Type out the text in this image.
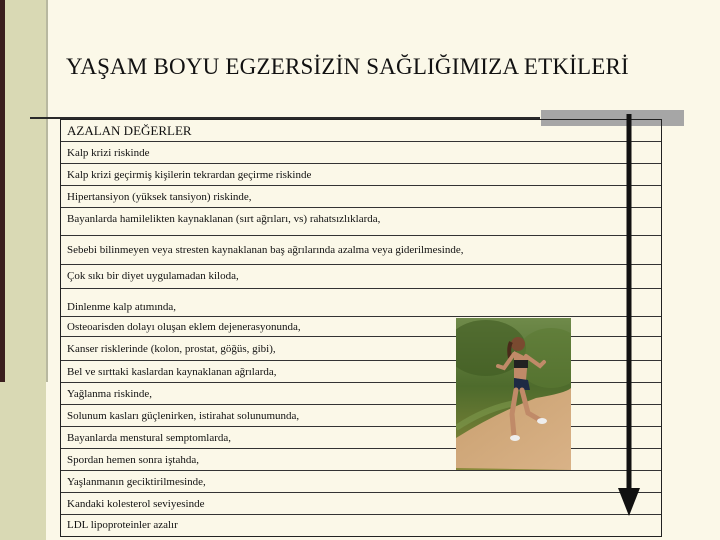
YAŞAM BOYU EGZERSİZİN SAĞLIĞIMIZA ETKİLERİ
AZALAN DEĞERLER
Kalp krizi riskinde
Kalp krizi geçirmiş kişilerin tekrardan geçirme riskinde
Hipertansiyon (yüksek tansiyon) riskinde,
Bayanlarda hamilelikten kaynaklanan (sırt ağrıları, vs) rahatsızlıklarda,
Sebebi bilinmeyen veya stresten kaynaklanan baş ağrılarında azalma veya giderilmesinde,
Çok sıkı bir diyet uygulamadan kiloda,
Dinlenme kalp atımında,
Osteoarisden dolayı oluşan eklem dejenerasyonunda,
Kanser risklerinde (kolon, prostat, göğüs, gibi),
Bel ve sırttaki kaslardan kaynaklanan ağrılarda,
Yağlanma riskinde,
Solunum kasları güçlenirken, istirahat solunumunda,
Bayanlarda menstural semptomlarda,
Spordan hemen sonra iştahda,
Yaşlanmanın geciktirilmesinde,
Kandaki kolesterol seviyesinde
LDL lipoproteinler azalır
